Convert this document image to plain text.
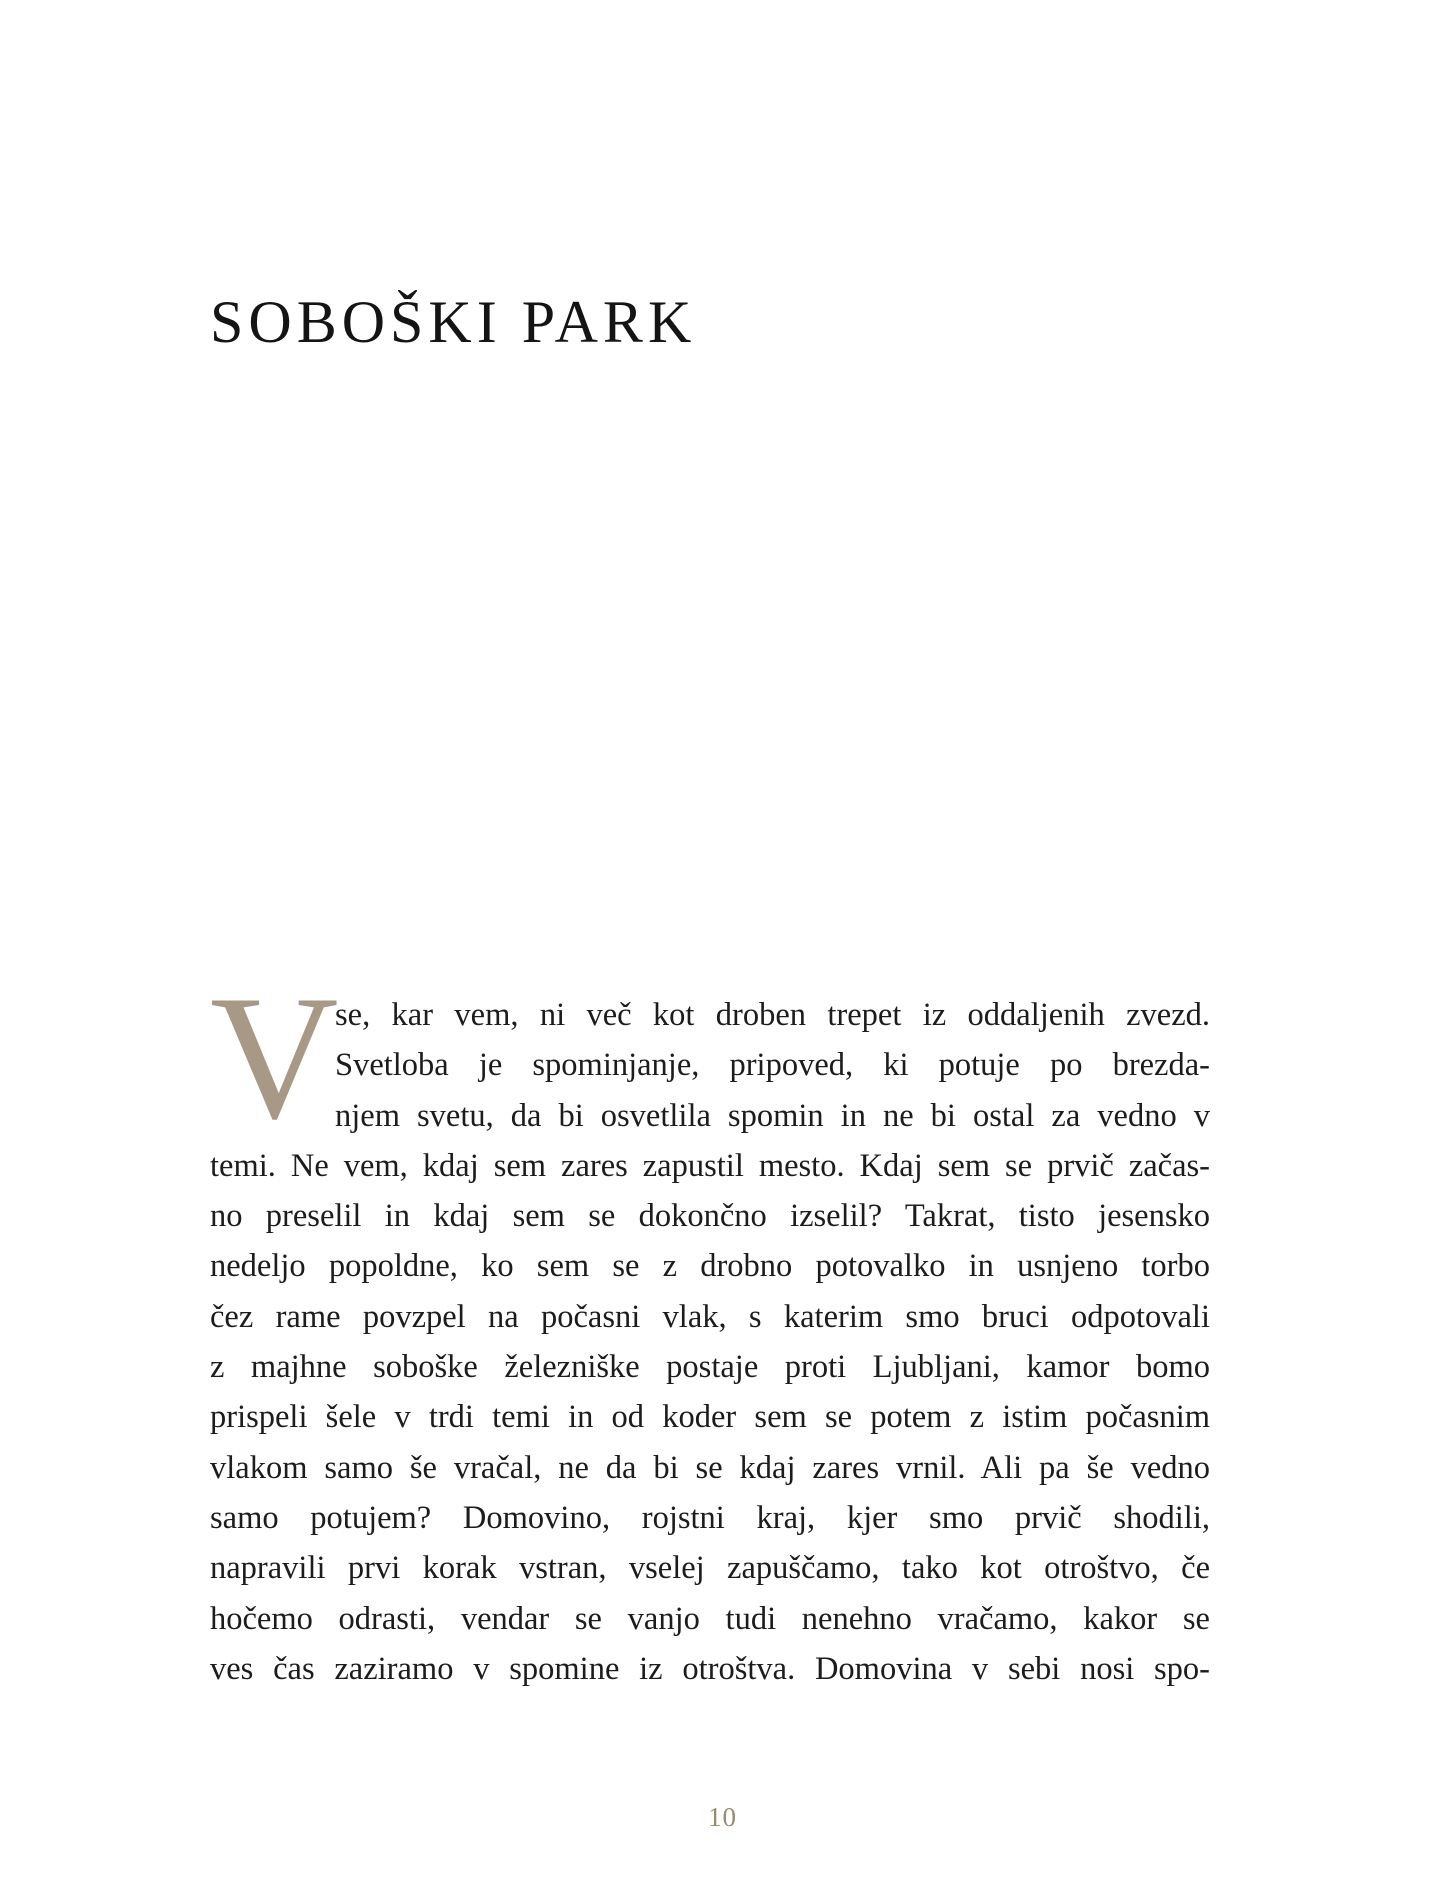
SOBOŠKI PARK
V
se, kar vem, ni več kot droben trepet iz oddaljenih zvezd.
Svetloba je spominjanje, pripoved, ki potuje po brezda-
njem svetu, da bi osvetlila spomin in ne bi ostal za vedno v
temi. Ne vem, kdaj sem zares zapustil mesto. Kdaj sem se prvič začas-
no preselil in kdaj sem se dokončno izselil? Takrat, tisto jesensko
nedeljo popoldne, ko sem se z drobno potovalko in usnjeno torbo
čez rame povzpel na počasni vlak, s katerim smo bruci odpotovali
z majhne soboške železniške postaje proti Ljubljani, kamor bomo
prispeli šele v trdi temi in od koder sem se potem z istim počasnim
vlakom samo še vračal, ne da bi se kdaj zares vrnil. Ali pa še vedno
samo potujem? Domovino, rojstni kraj, kjer smo prvič shodili,
napravili prvi korak vstran, vselej zapuščamo, tako kot otroštvo, če
hočemo odrasti, vendar se vanjo tudi nenehno vračamo, kakor se
ves čas zaziramo v spomine iz otroštva. Domovina v sebi nosi spo-
10
